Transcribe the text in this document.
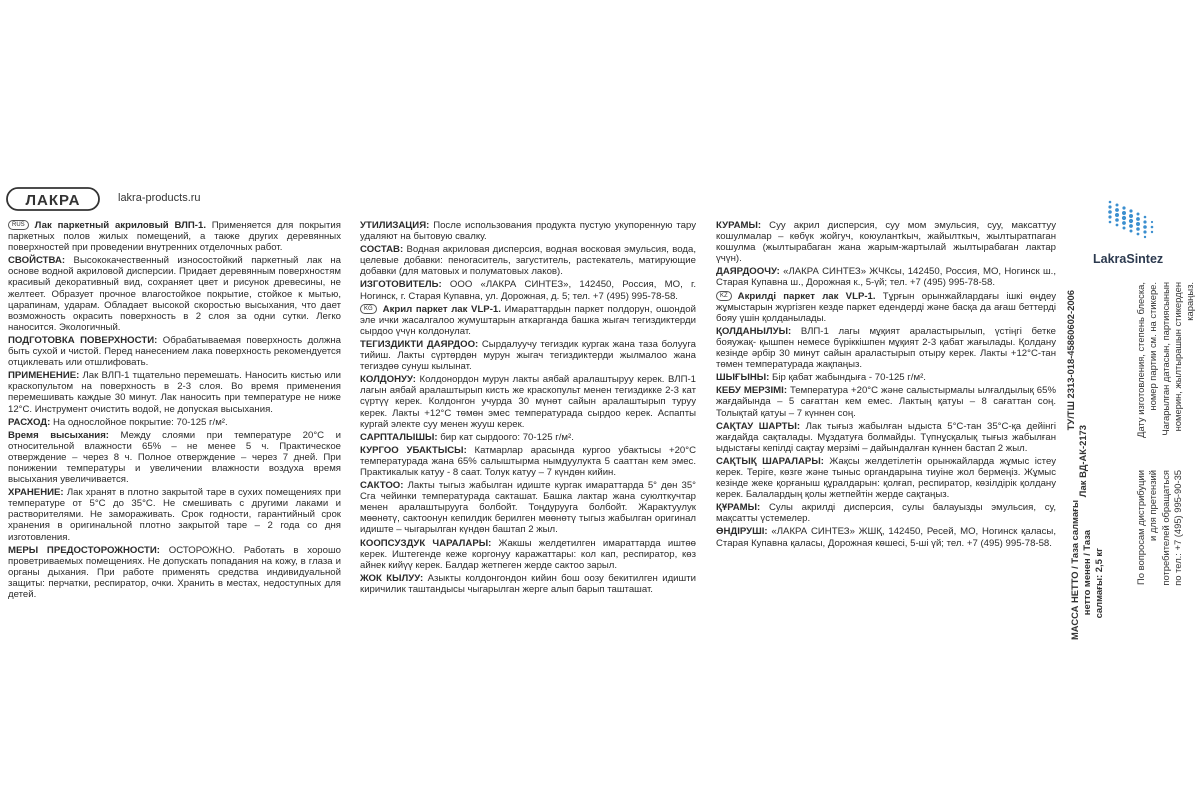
ЛАКРА	lakra-products.ru

RUS Лак паркетный акриловый ВЛП-1. Применяется для покрытия паркетных полов жилых помещений, а также других деревянных поверхностей при проведении внутренних отделочных работ.

СВОЙСТВА: Высококачественный износостойкий паркетный лак на основе водной акриловой дисперсии. Придает деревянным поверхностям красивый декоративный вид, сохраняет цвет и рисунок древесины, не желтеет. Образует прочное влагостойкое покрытие, стойкое к мытью, царапинам, ударам. Обладает высокой скоростью высыхания, что дает возможность окрасить поверхность в 2 слоя за одни сутки. Легко наносится. Экологичный.

ПОДГОТОВКА ПОВЕРХНОСТИ: Обрабатываемая поверхность должна быть сухой и чистой. Перед нанесением лака поверхность рекомендуется отциклевать или отшлифовать.

ПРИМЕНЕНИЕ: Лак ВЛП-1 тщательно перемешать. Наносить кистью или краскопультом на поверхность в 2-3 слоя. Во время применения перемешивать каждые 30 минут. Лак наносить при температуре не ниже 12°С. Инструмент очистить водой, не допуская высыхания.

РАСХОД: На однослойное покрытие: 70-125 г/м².

Время высыхания: Между слоями при температуре 20°С и относительной влажности 65% – не менее 5 ч. Практическое отверждение – через 8 ч. Полное отверждение – через 7 дней. При понижении температуры и увеличении влажности воздуха время высыхания увеличивается.

ХРАНЕНИЕ: Лак хранят в плотно закрытой таре в сухих помещениях при температуре от 5°С до 35°С. Не смешивать с другими лаками и растворителями. Не замораживать. Срок годности, гарантийный срок хранения в оригинальной плотно закрытой таре – 2 года со дня изготовления.

МЕРЫ ПРЕДОСТОРОЖНОСТИ: ОСТОРОЖНО. Работать в хорошо проветриваемых помещениях. Не допускать попадания на кожу, в глаза и органы дыхания. При работе применять средства индивидуальной защиты: перчатки, респиратор, очки. Хранить в местах, недоступных для детей.

УТИЛИЗАЦИЯ: После использования продукта пустую укупоренную тару удаляют на бытовую свалку.

СОСТАВ: Водная акриловая дисперсия, водная восковая эмульсия, вода, целевые добавки: пеногаситель, загуститель, растекатель, матирующие добавки (для матовых и полуматовых лаков).

ИЗГОТОВИТЕЛЬ: ООО «ЛАКРА СИНТЕЗ», 142450, Россия, МО, г. Ногинск, г. Старая Купавна, ул. Дорожная, д. 5; тел. +7 (495) 995-78-58.

KG Акрил паркет лак VLP-1. Имараттардын паркет полдорун, ошондой эле ички жасалгалоо жумуштарын аткарганда башка жыгач тегиздиктерди сырдоо үчүн колдонулат.

ТЕГИЗДИКТИ ДАЯРДОО: Сырдалуучу тегиздик кургак жана таза болууга тийиш. Лакты сүртөрдөн мурун жыгач тегиздиктерди жылмалоо жана тегиздөө сунуш кылынат.

КОЛДОНУУ: Колдонордон мурун лакты аябай аралаштыруу керек. ВЛП-1 лагын аябай аралаштырып кисть же краскопульт менен тегиздикке 2-3 кат сүртүү керек. Колдонгон учурда 30 мүнөт сайын аралаштырып туруу керек. Лакты +12°С төмөн эмес температурада сырдоо керек. Аспапты кургай электе суу менен жууш керек.

САРПТАЛЫШЫ: бир кат сырдоого: 70-125 г/м².

КУРГОО УБАКТЫСЫ: Катмарлар арасында кургоо убактысы +20°С температурада жана 65% салыштырма нымдуулукта 5 сааттан кем эмес. Практикалык катуу - 8 саат. Толук катуу – 7 күндөн кийин.

САКТОО: Лакты тыгыз жабылган идиште кургак имараттарда 5° дөн 35° Сга чейинки температурада сакташат. Башка лактар жана суюлткучтар менен аралаштырууга болбойт. Тоңдурууга болбойт. Жарактуулук мөөнөтү, сактоонун кепилдик берилген мөөнөтү тыгыз жабылган оригинал идиште – чыгарылган күндөн баштап 2 жыл.

КООПСУЗДУК ЧАРАЛАРЫ: Жакшы желдетилген имараттарда иштөө керек. Иштегенде кеже коргонуу каражаттары: кол кап, респиратор, көз айнек кийүү керек. Балдар жетпеген жерде сактоо зарыл.

ЖОК КЫЛУУ: Азыкты колдонгондон кийин бош оозу бекитилген идишти киричилик таштандысы чыгарылган жерге алып барып ташташат.

КУРАМЫ: Суу акрил дисперсия, суу мом эмульсия, суу, максаттуу кошулмалар – көбүк жойгуч, коюулантkыч, жайылткыч, жылтыратпаган кошулма (жылтырабаган жана жарым-жартылай жылтырабаган лактар үчүн).

ДАЯРДООЧУ: «ЛАКРА СИНТЕЗ» ЖЧКсы, 142450, Россия, МО, Ногинск ш., Старая Купавна ш., Дорожная к., 5-үй; тел. +7 (495) 995-78-58.

KZ Акрилді паркет лак VLP-1. Тұрғын орынжайлардағы ішкі өңдеу жұмыстарын жүргізген кезде паркет едендерді және басқа да ағаш беттерді бояу үшін қолданылады.

ҚОЛДАНЫЛУЫ: ВЛП-1 лагы мұқият араластырылып, үстіңгі бетке бояужақ- қышпен немесе бүріккішпен мұқият 2-3 қабат жағылады. Қолдану кезінде әрбір 30 минут сайын араластырып отыру керек. Лакты +12°С-тан төмен температурада жақпаңыз.

ШЫҒЫНЫ: Бір қабат жабындыға - 70-125 г/м².

КЕБУ МЕРЗІМІ: Температура +20°С және салыстырмалы ылғалдылық 65% жағдайында – 5 сағаттан кем емес. Лактың қатуы – 8 сағаттан соң. Толықтай қатуы – 7 күннен соң.

САҚТАУ ШАРТЫ: Лак тығыз жабылған ыдыста 5°С-тан 35°С-қа дейінгі жағдайда сақталады. Мұздатуға болмайды. Түпнұсқалық тығыз жабылған ыдыстағы кепілді сақтау мерзімі – дайындалған күннен бастап 2 жыл.

САҚТЫҚ ШАРАЛАРЫ: Жақсы желдетілетін орынжайларда жұмыс істеу керек. Теріге, көзге және тыныс органдарына тиуіне жол бермеңіз. Жұмыс кезінде жеке қорғаныш құралдарын: қолғап, респиратор, көзілдірік қолдану керек. Балалардың қолы жетпейтін жерде сақтаңыз.

ҚҰРАМЫ: Сулы акрилді дисперсия, сулы балауызды эмульсия, су, мақсатты үстемелер.

ӨНДІРУШІ: «ЛАКРА СИНТЕЗ» ЖШҚ, 142450, Ресей, МО, Ногинск қаласы, Старая Купавна қаласы, Дорожная көшесі, 5-ші үй; тел. +7 (495) 995-78-58.

LakraSintez
ТУ/ТШ 2313-018-45860602-2006
Лак ВД-АК-2173
МАССА НЕТТО / Таза салмағы нетто менен / Таза салмағы: 2,5 кг
Дату изготовления, степень блеска, номер партии см. на стикере. Чагарылган датасын, партиясынын номерин, жылтырашын стикерден караңыз.
По вопросам дистрибуции и для претензий потребителей обращаться по тел.: +7 (495) 995-90-35
